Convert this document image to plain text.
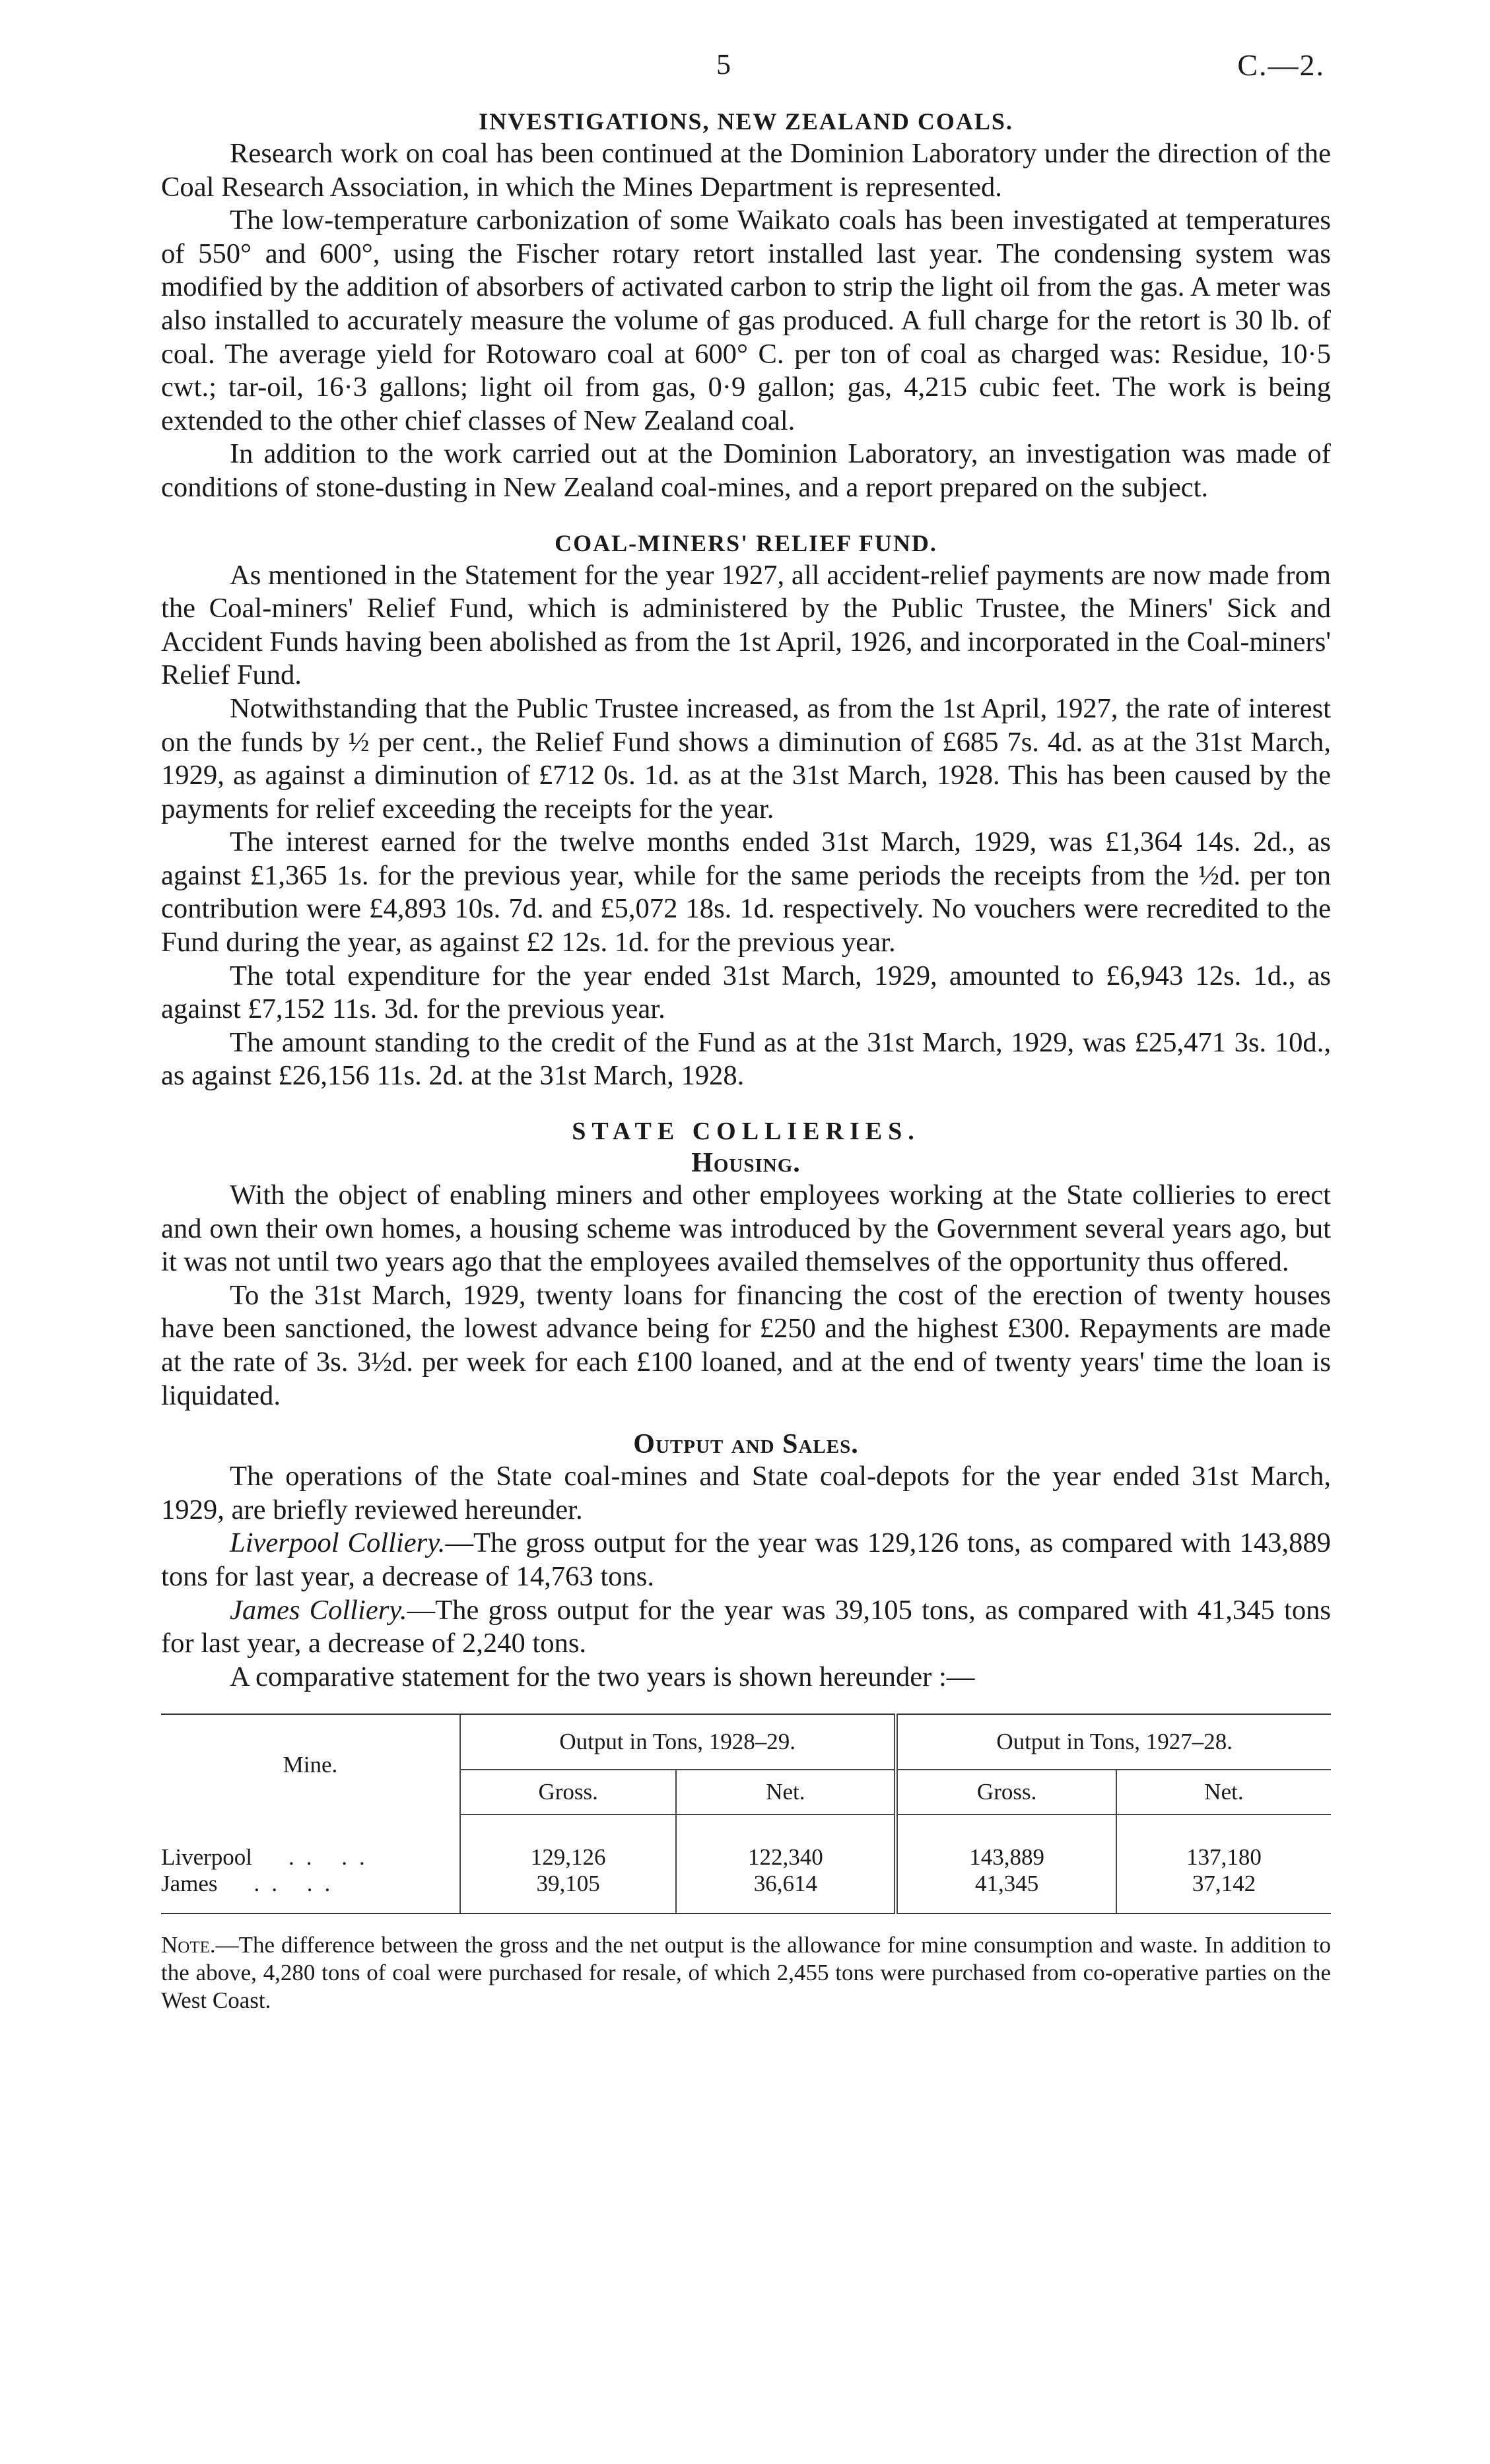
5	C.—2.
INVESTIGATIONS, NEW ZEALAND COALS.

Research work on coal has been continued at the Dominion Laboratory under the direction of the Coal Research Association, in which the Mines Department is represented.

The low-temperature carbonization of some Waikato coals has been investigated at temperatures of 550° and 600°, using the Fischer rotary retort installed last year. The condensing system was modified by the addition of absorbers of activated carbon to strip the light oil from the gas. A meter was also installed to accurately measure the volume of gas produced. A full charge for the retort is 30 lb. of coal. The average yield for Rotowaro coal at 600° C. per ton of coal as charged was: Residue, 10·5 cwt.; tar-oil, 16·3 gallons; light oil from gas, 0·9 gallon; gas, 4,215 cubic feet. The work is being extended to the other chief classes of New Zealand coal.

In addition to the work carried out at the Dominion Laboratory, an investigation was made of conditions of stone-dusting in New Zealand coal-mines, and a report prepared on the subject.

COAL-MINERS' RELIEF FUND.

As mentioned in the Statement for the year 1927, all accident-relief payments are now made from the Coal-miners' Relief Fund, which is administered by the Public Trustee, the Miners' Sick and Accident Funds having been abolished as from the 1st April, 1926, and incorporated in the Coal-miners' Relief Fund.

Notwithstanding that the Public Trustee increased, as from the 1st April, 1927, the rate of interest on the funds by ½ per cent., the Relief Fund shows a diminution of £685 7s. 4d. as at the 31st March, 1929, as against a diminution of £712 0s. 1d. as at the 31st March, 1928. This has been caused by the payments for relief exceeding the receipts for the year.

The interest earned for the twelve months ended 31st March, 1929, was £1,364 14s. 2d., as against £1,365 1s. for the previous year, while for the same periods the receipts from the ½d. per ton contribution were £4,893 10s. 7d. and £5,072 18s. 1d. respectively. No vouchers were recredited to the Fund during the year, as against £2 12s. 1d. for the previous year.

The total expenditure for the year ended 31st March, 1929, amounted to £6,943 12s. 1d., as against £7,152 11s. 3d. for the previous year.

The amount standing to the credit of the Fund as at the 31st March, 1929, was £25,471 3s. 10d., as against £26,156 11s. 2d. at the 31st March, 1928.

STATE COLLIERIES.
Housing.

With the object of enabling miners and other employees working at the State collieries to erect and own their own homes, a housing scheme was introduced by the Government several years ago, but it was not until two years ago that the employees availed themselves of the opportunity thus offered.

To the 31st March, 1929, twenty loans for financing the cost of the erection of twenty houses have been sanctioned, the lowest advance being for £250 and the highest £300. Repayments are made at the rate of 3s. 3½d. per week for each £100 loaned, and at the end of twenty years' time the loan is liquidated.

Output and Sales.

The operations of the State coal-mines and State coal-depots for the year ended 31st March, 1929, are briefly reviewed hereunder.

Liverpool Colliery.—The gross output for the year was 129,126 tons, as compared with 143,889 tons for last year, a decrease of 14,763 tons.

James Colliery.—The gross output for the year was 39,105 tons, as compared with 41,345 tons for last year, a decrease of 2,240 tons.

A comparative statement for the two years is shown hereunder :—

Mine.	Output in Tons, 1928–29.		Output in Tons, 1927–28.	
	Gross.	Net.	Gross.	Net.
Liverpool .. ..	129,126	122,340	143,889	137,180
James .. ..	39,105	36,614	41,345	37,142

Note.—The difference between the gross and the net output is the allowance for mine consumption and waste. In addition to the above, 4,280 tons of coal were purchased for resale, of which 2,455 tons were purchased from co-operative parties on the West Coast.
